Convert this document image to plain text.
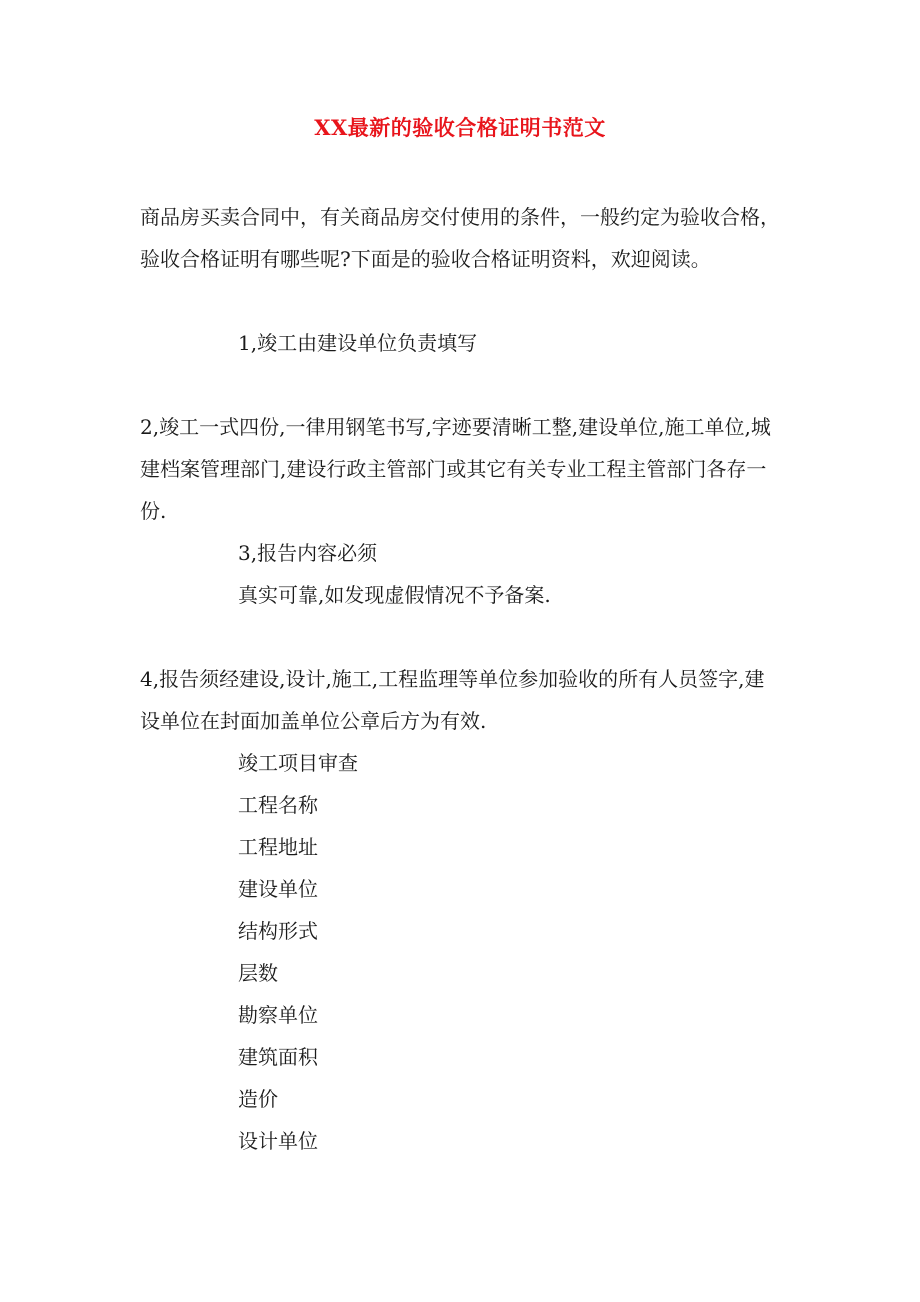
XX最新的验收合格证明书范文

商品房买卖合同中，有关商品房交付使用的条件，一般约定为验收合格，验收合格证明有哪些呢?下面是的验收合格证明资料，欢迎阅读。

1,竣工由建设单位负责填写

2,竣工一式四份,一律用钢笔书写,字迹要清晰工整,建设单位,施工单位,城建档案管理部门,建设行政主管部门或其它有关专业工程主管部门各存一份.

3,报告内容必须
真实可靠,如发现虚假情况不予备案.

4,报告须经建设,设计,施工,工程监理等单位参加验收的所有人员签字,建设单位在封面加盖单位公章后方为有效.

竣工项目审查
工程名称
工程地址
建设单位
结构形式
层数
勘察单位
建筑面积
造价
设计单位
